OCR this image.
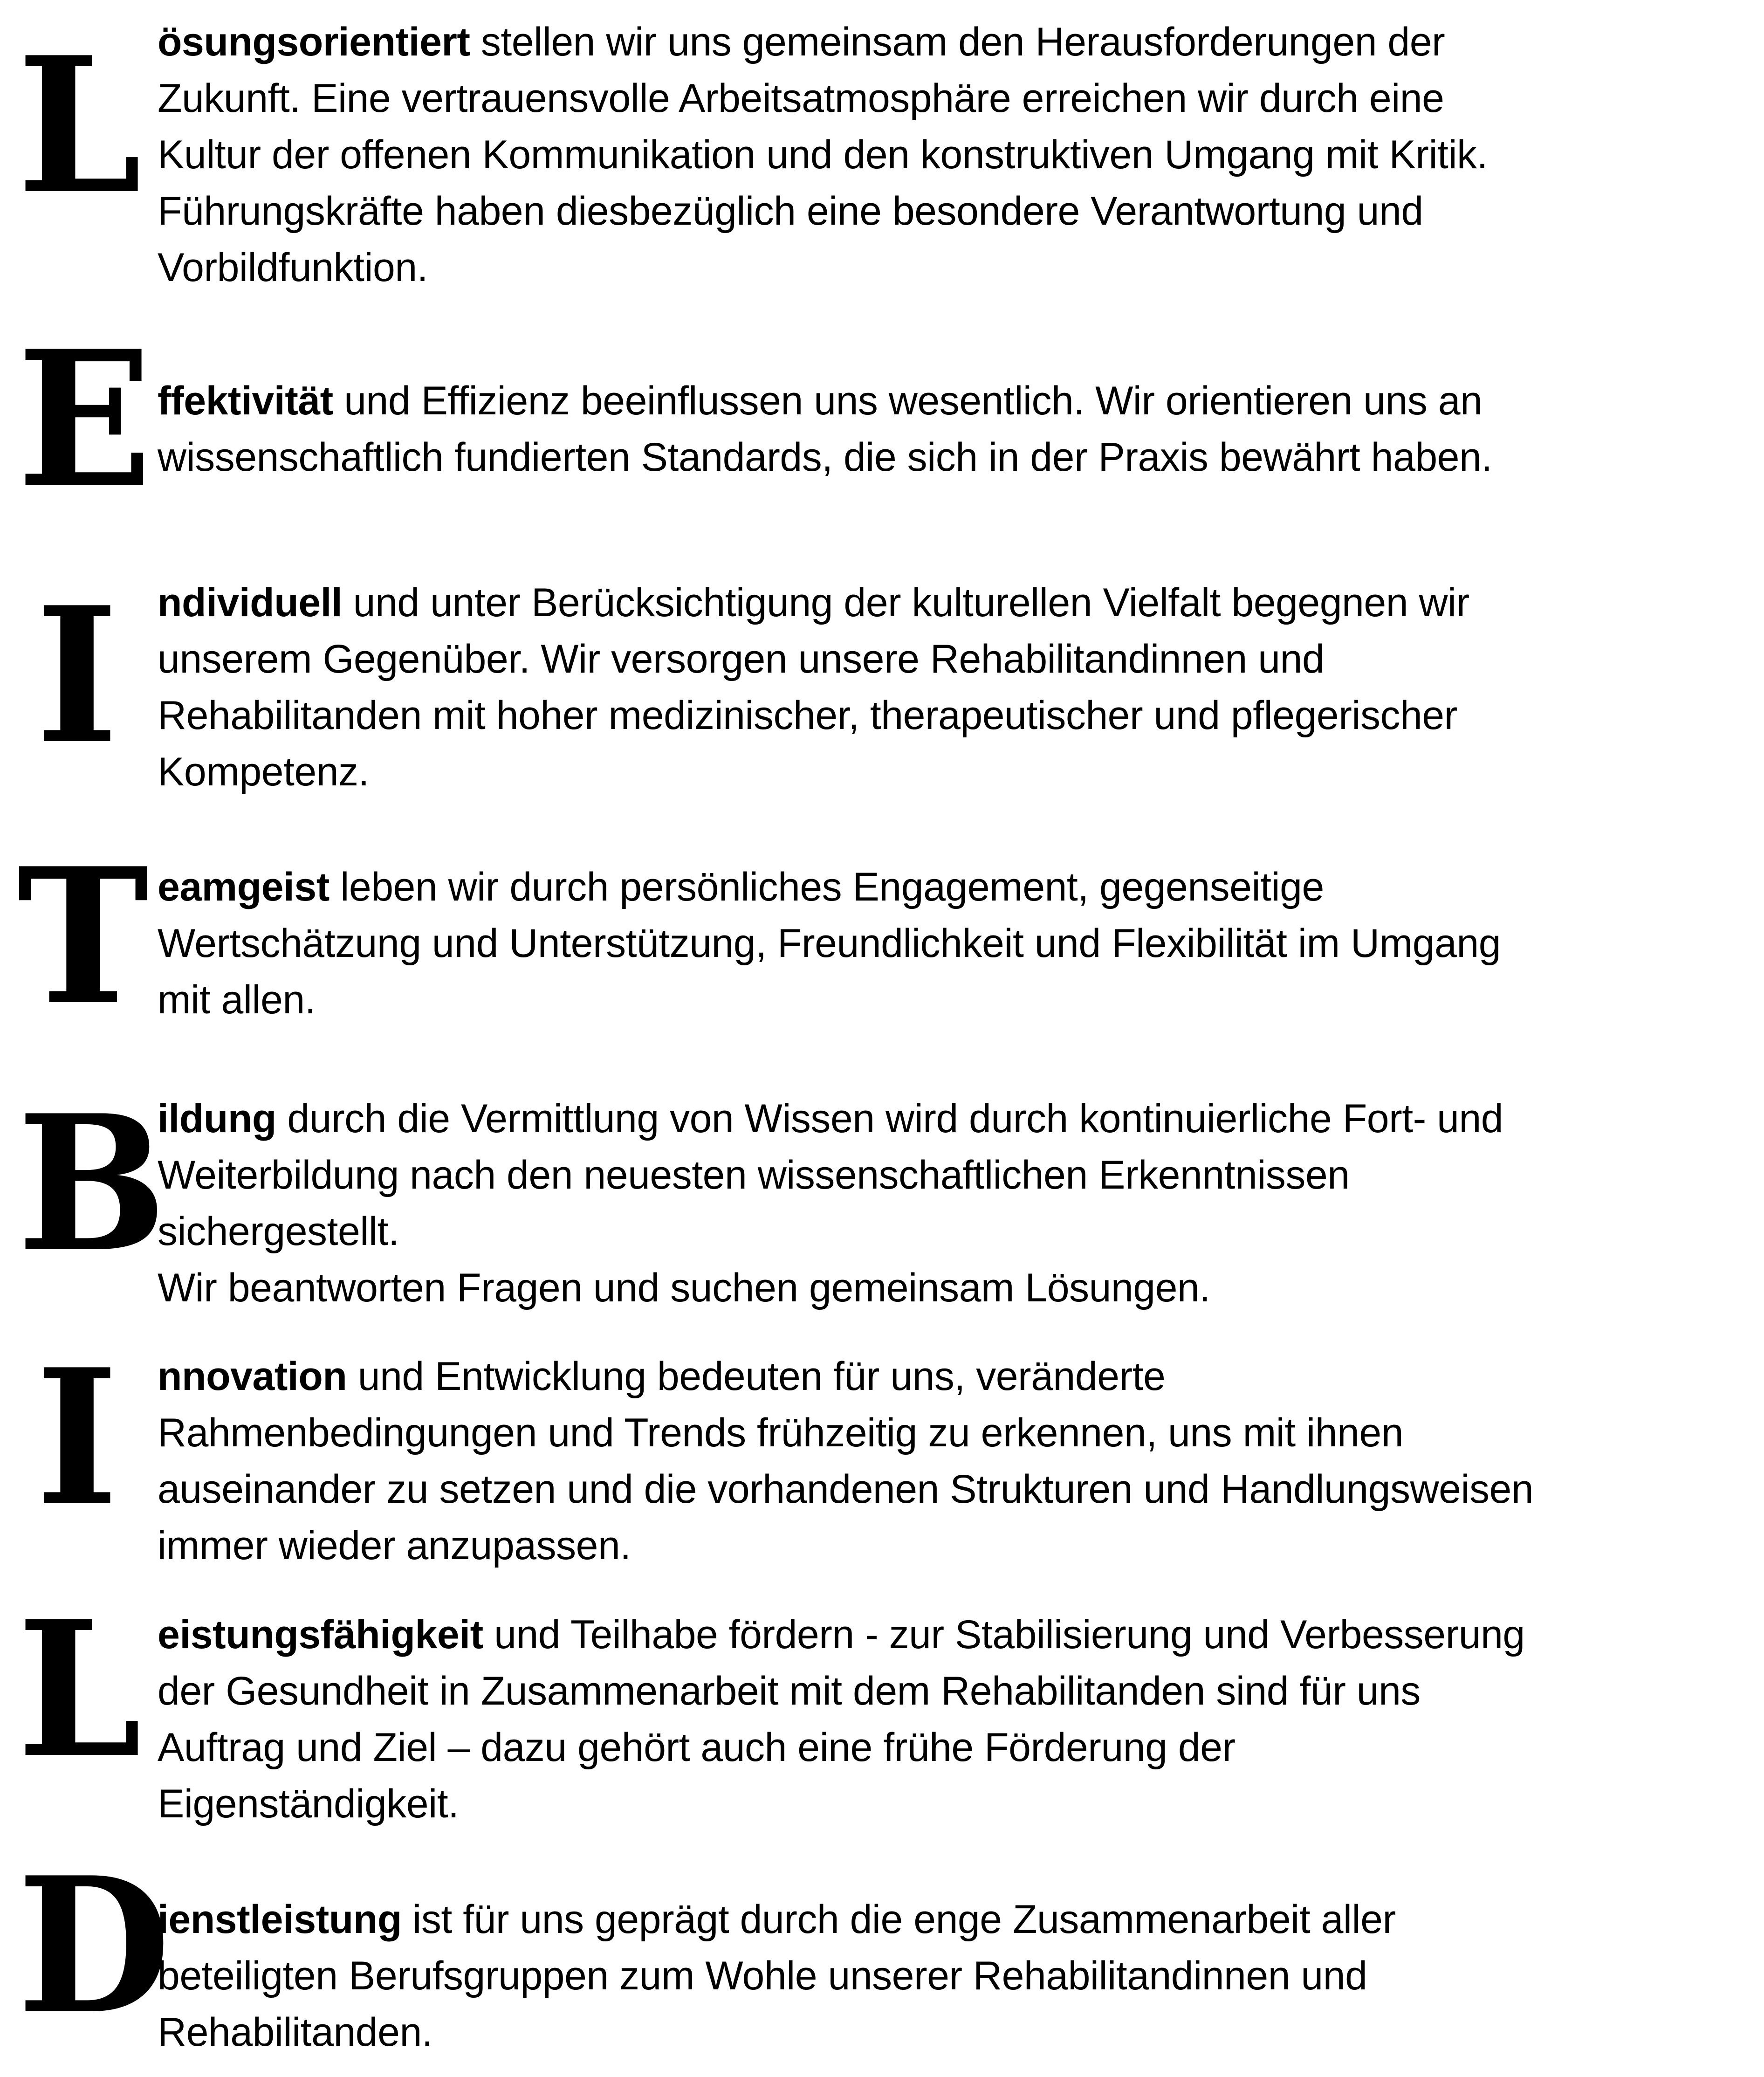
L ösungsorientiert stellen wir uns gemeinsam den Herausforderungen der
Zukunft. Eine vertrauensvolle Arbeitsatmosphäre erreichen wir durch eine
Kultur der offenen Kommunikation und den konstruktiven Umgang mit Kritik.
Führungskräfte haben diesbezüglich eine besondere Verantwortung und
Vorbildfunktion.
E ffektivität und Effizienz beeinflussen uns wesentlich. Wir orientieren uns an
wissenschaftlich fundierten Standards, die sich in der Praxis bewährt haben.
I ndividuell und unter Berücksichtigung der kulturellen Vielfalt begegnen wir
unserem Gegenüber. Wir versorgen unsere Rehabilitandinnen und
Rehabilitanden mit hoher medizinischer, therapeutischer und pflegerischer
Kompetenz.
T eamgeist leben wir durch persönliches Engagement, gegenseitige
Wertschätzung und Unterstützung, Freundlichkeit und Flexibilität im Umgang
mit allen.
B
ildung durch die Vermittlung von Wissen wird durch kontinuierliche Fort- und
Weiterbildung nach den neuesten wissenschaftlichen Erkenntnissen
sichergestellt.
Wir beantworten Fragen und suchen gemeinsam Lösungen.
I nnovation und Entwicklung bedeuten für uns, veränderte
Rahmenbedingungen und Trends frühzeitig zu erkennen, uns mit ihnen
auseinander zu setzen und die vorhandenen Strukturen und Handlungsweisen
immer wieder anzupassen.
L eistungsfähigkeit und Teilhabe fördern - zur Stabilisierung und Verbesserung
der Gesundheit in Zusammenarbeit mit dem Rehabilitanden sind für uns
Auftrag und Ziel – dazu gehört auch eine frühe Förderung der
Eigenständigkeit.
D
ienstleistung ist für uns geprägt durch die enge Zusammenarbeit aller
beteiligten Berufsgruppen zum Wohle unserer Rehabilitandinnen und
Rehabilitanden.
